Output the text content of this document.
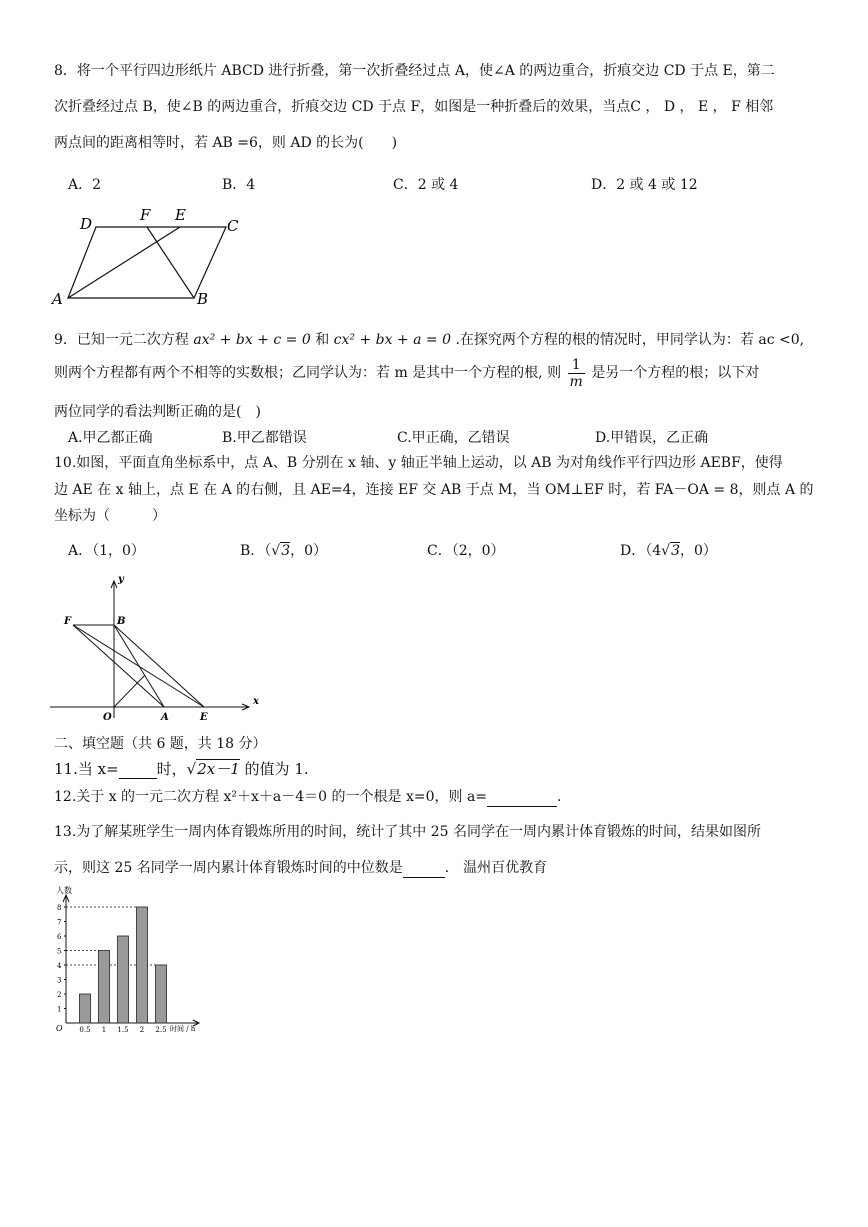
8．将一个平行四边形纸片 ABCD 进行折叠，第一次折叠经过点 A，使∠A 的两边重合，折痕交边 CD 于点 E，第二
次折叠经过点 B，使∠B 的两边重合，折痕交边 CD 于点 F，如图是一种折叠后的效果，当点C ， D ， E ， F 相邻
两点间的距离相等时，若 AB =6，则 AD 的长为(　　)
A．2	B．4	C．2 或 4	D．2 或 4 或 12
D	F E
C
A	B
9．已知一元二次方程 ax² + bx + c = 0 和 cx² + bx + a = 0 .在探究两个方程的根的情况时，甲同学认为：若 ac <0,
则两个方程都有两个不相等的实数根；乙同学认为：若 m 是其中一个方程的根, 则 $\frac{1}{m}$ 是另一个方程的根；以下对
两位同学的看法判断正确的是(　)
A.甲乙都正确	B.甲乙都错误	C.甲正确，乙错误	D.甲错误，乙正确
10.如图，平面直角坐标系中，点 A、B 分别在 x 轴、y 轴正半轴上运动，以 AB 为对角线作平行四边形 AEBF，使得
边 AE 在 x 轴上，点 E 在 A 的右侧，且 AE=4，连接 EF 交 AB 于点 M，当 OM⊥EF 时，若 FA－OA = 8，则点 A 的
坐标为（　　　）
A．（1，0）	B．（√3，0）	C．（2，0）	D．（4√3，0）
y
x
F	B
O	A	E
二、填空题（共 6 题，共 18 分）
11.当 x=	时，√2x－1 的值为 1.
12.关于 x 的一元二次方程 x²＋x＋a－4＝0 的一个根是 x=0，则 a=	.
13.为了解某班学生一周内体育锻炼所用的时间，统计了其中 25 名同学在一周内累计体育锻炼的时间，结果如图所
示，则这 25 名同学一周内累计体育锻炼时间的中位数是	． 温州百优教育
人数
O	时间 / h
1
2
3
4
5
6
7
8
0.5 1 1.5 2 2.5
